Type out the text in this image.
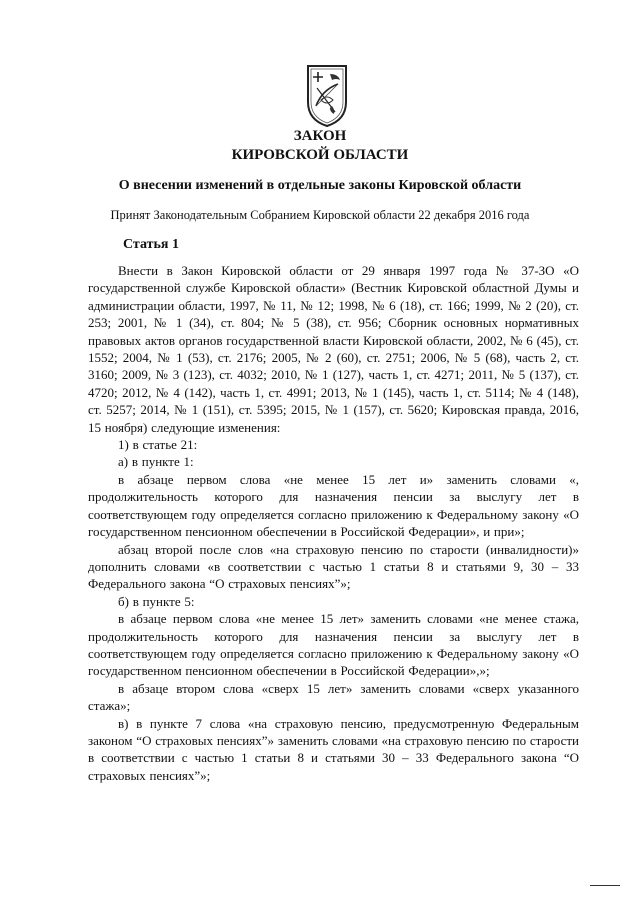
ЗАКОН
КИРОВСКОЙ ОБЛАСТИ
О внесении изменений в отдельные законы Кировской области
Принят Законодательным Собранием Кировской области 22 декабря 2016 года
Статья 1

Внести в Закон Кировской области от 29 января 1997 года № 37-ЗО «О государственной службе Кировской области» (Вестник Кировской областной Думы и администрации области, 1997, № 11, № 12; 1998, № 6 (18), ст. 166; 1999, № 2 (20), ст. 253; 2001, № 1 (34), ст. 804; № 5 (38), ст. 956; Сборник основных нормативных правовых актов органов государственной власти Кировской области, 2002, № 6 (45), ст. 1552; 2004, № 1 (53), ст. 2176; 2005, № 2 (60), ст. 2751; 2006, № 5 (68), часть 2, ст. 3160; 2009, № 3 (123), ст. 4032; 2010, № 1 (127), часть 1, ст. 4271; 2011, № 5 (137), ст. 4720; 2012, № 4 (142), часть 1, ст. 4991; 2013, № 1 (145), часть 1, ст. 5114; № 4 (148), ст. 5257; 2014, № 1 (151), ст. 5395; 2015, № 1 (157), ст. 5620; Кировская правда, 2016, 15 ноября) следующие изменения:

1) в статье 21:

а) в пункте 1:

в абзаце первом слова «не менее 15 лет и» заменить словами «, продолжительность которого для назначения пенсии за выслугу лет в соответствующем году определяется согласно приложению к Федеральному закону «О государственном пенсионном обеспечении в Российской Федерации», и при»;

абзац второй после слов «на страховую пенсию по старости (инвалидности)» дополнить словами «в соответствии с частью 1 статьи 8 и статьями 9, 30 – 33 Федерального закона “О страховых пенсиях”»;

б) в пункте 5:

в абзаце первом слова «не менее 15 лет» заменить словами «не менее стажа, продолжительность которого для назначения пенсии за выслугу лет в соответствующем году определяется согласно приложению к Федеральному закону «О государственном пенсионном обеспечении в Российской Федерации»,»;

в абзаце втором слова «сверх 15 лет» заменить словами «сверх указанного стажа»;

в) в пункте 7 слова «на страховую пенсию, предусмотренную Федеральным законом “О страховых пенсиях”» заменить словами «на страховую пенсию по старости в соответствии с частью 1 статьи 8 и статьями 30 – 33 Федерального закона “О страховых пенсиях”»;
